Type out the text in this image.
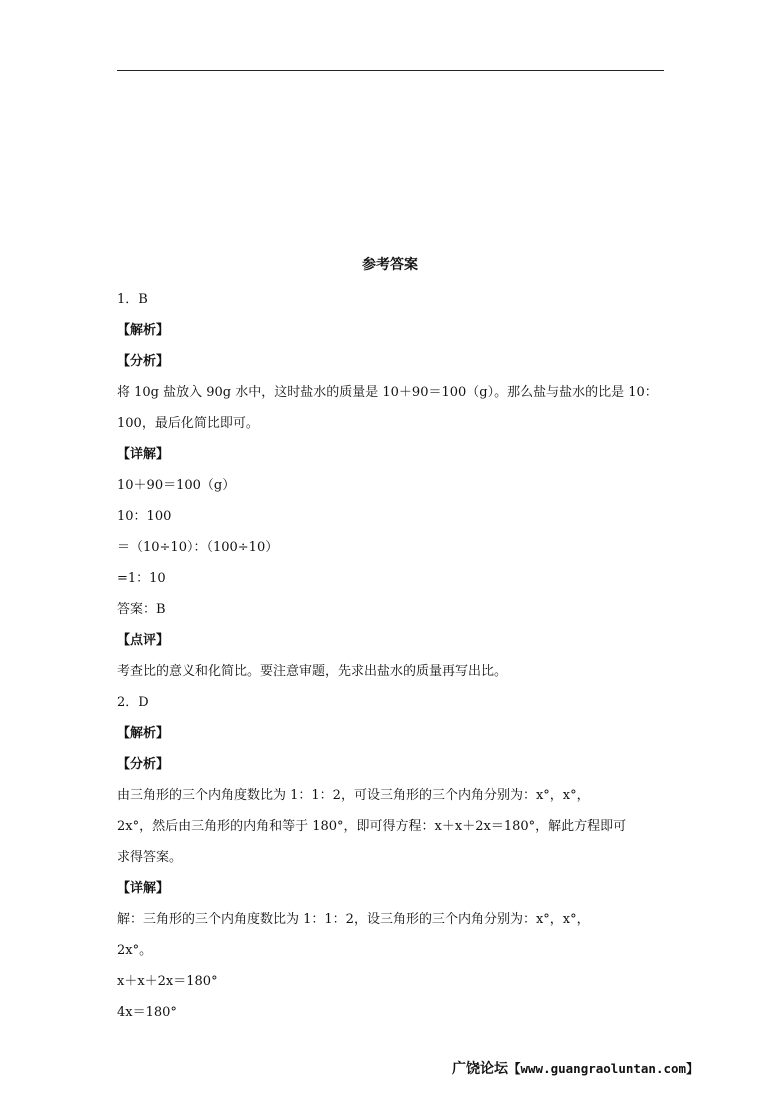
参考答案
1．B
【解析】
【分析】
将 10g 盐放入 90g 水中，这时盐水的质量是 10＋90＝100（g）。那么盐与盐水的比是 10：
100，最后化简比即可。
【详解】
10＋90＝100（g）
10：100
＝（10÷10）：（100÷10）
=1：10
答案：B
【点评】
考查比的意义和化简比。要注意审题，先求出盐水的质量再写出比。
2．D
【解析】
【分析】
由三角形的三个内角度数比为 1：1：2，可设三角形的三个内角分别为：x°，x°，
2x°，然后由三角形的内角和等于 180°，即可得方程：x＋x＋2x＝180°，解此方程即可
求得答案。
【详解】
解：三角形的三个内角度数比为 1：1：2，设三角形的三个内角分别为：x°，x°，
2x°。
x＋x＋2x＝180°
4x＝180°
广饶论坛【www.guangraoluntan.com】
